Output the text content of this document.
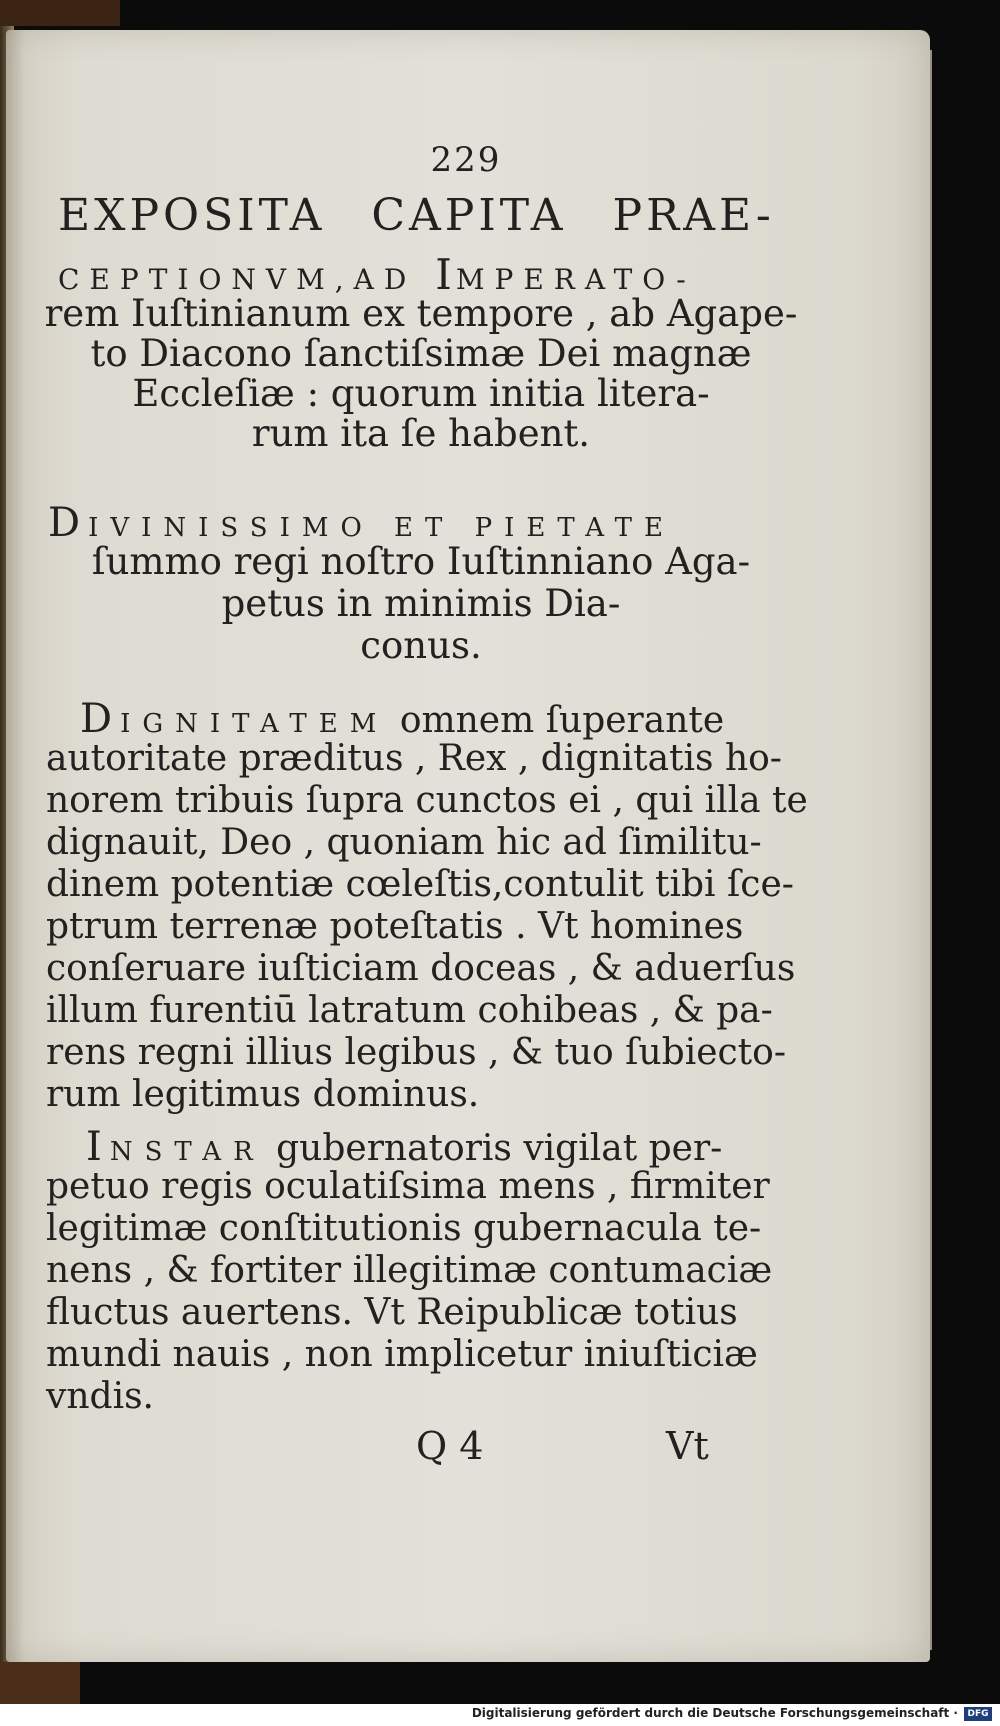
229

EXPOSITA CAPITA PRAE-

CEPTIONVM,AD IMPERATO-

rem Iuſtinianum ex tempore , ab Agape-

to Diacono ſanctiſsimæ Dei magnæ

Eccleſiæ : quorum initia litera-

rum ita ſe habent.

DIVINISSIMO ET PIETATE

ſummo regi noſtro Iuſtinniano Aga-

petus in minimis Dia-

conus.

DIGNITATEM omnem ſuperante

autoritate præditus , Rex , dignitatis ho-

norem tribuis ſupra cunctos ei , qui illa te

dignauit, Deo , quoniam hic ad ſimilitu-

dinem potentiæ cœleſtis,contulit tibi ſce-

ptrum terrenæ poteſtatis . Vt homines

conſeruare iuſticiam doceas , & aduerſus

illum furentiū latratum cohibeas , & pa-

rens regni illius legibus , & tuo ſubiecto-

rum legitimus dominus.

INSTAR gubernatoris vigilat per-

petuo regis oculatiſsima mens , firmiter

legitimæ conſtitutionis gubernacula te-

nens , & fortiter illegitimæ contumaciæ

fluctus auertens. Vt Reipublicæ totius

mundi nauis , non implicetur iniuſticiæ

vndis.

Q 4	Vt

Digitalisierung gefördert durch die Deutsche Forschungsgemeinschaft ·	DFG
